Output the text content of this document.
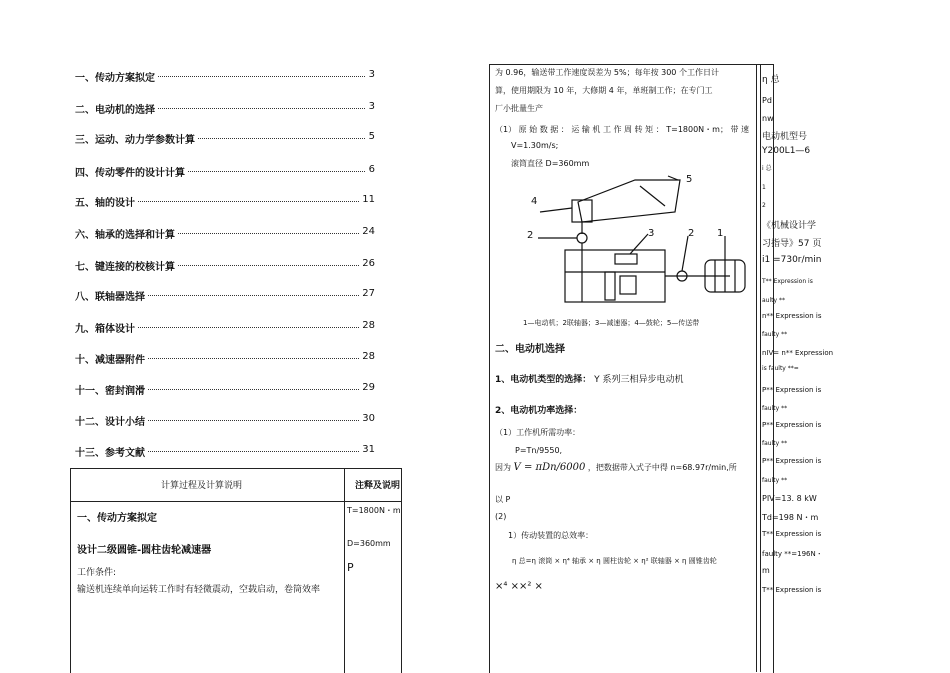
一、传动方案拟定	3
二、电动机的选择	3
三、运动、动力学参数计算	5
四、传动零件的设计计算	6
五、轴的设计	11
六、轴承的选择和计算	24
七、键连接的校核计算	26
八、联轴器选择	27
九、箱体设计	28
十、减速器附件	28
十一、密封润滑	29
十二、设计小结	30
十三、参考文献	31
计算过程及计算说明	注释及说明
一、传动方案拟定
设计二级圆锥-圆柱齿轮减速器
工作条件:
输送机连续单向运转工作时有轻微震动，空载启动，卷筒效率
T=1800N・m
D=360mm
P
为 0.96，输送带工作速度误差为 5%；每年按 300 个工作日计
算，使用期限为 10 年，大修期 4 年，单班制工作；在专门工
厂小批量生产
（1） 原 始 数 据 ： 运 输 机 工 作 周 转 矩 ： T=1800N・m； 带 速
V=1.30m/s;
滚筒直径 D=360mm
5
4
2	3	2 1
1—电动机；2联轴器；3—减速器；4—鼓轮；5—传送带
二、电动机选择
1、电动机类型的选择： Y 系列三相异步电动机
2、电动机功率选择：
（1）工作机所需功率：
P=Tn/9550,
因为 V = πDn/6000 ，把数据带入式子中得 n=68.97r/min,所
以 P
(2)
1）传动装置的总效率：
η 总=η 滚筒 × η⁴ 轴承 × η 圆柱齿轮 × η² 联轴器 × η 圆锥齿轮
×⁴ ××² ×
η 总
Pd
nw
电动机型号
Y200L1—6
i 总
1
2
《机械设计学
习指导》57 页
i1 =730r/min
T** Expression is
aulty **
n** Expression is
faulty **
nIV= n** Expression
is faulty **=
P** Expression is
faulty **
P** Expression is
faulty **
P** Expression is
faulty **
PIV=13. 8 kW
Td=198 N・m
T** Expression is
faulty **=196N・
m
T** Expression is
